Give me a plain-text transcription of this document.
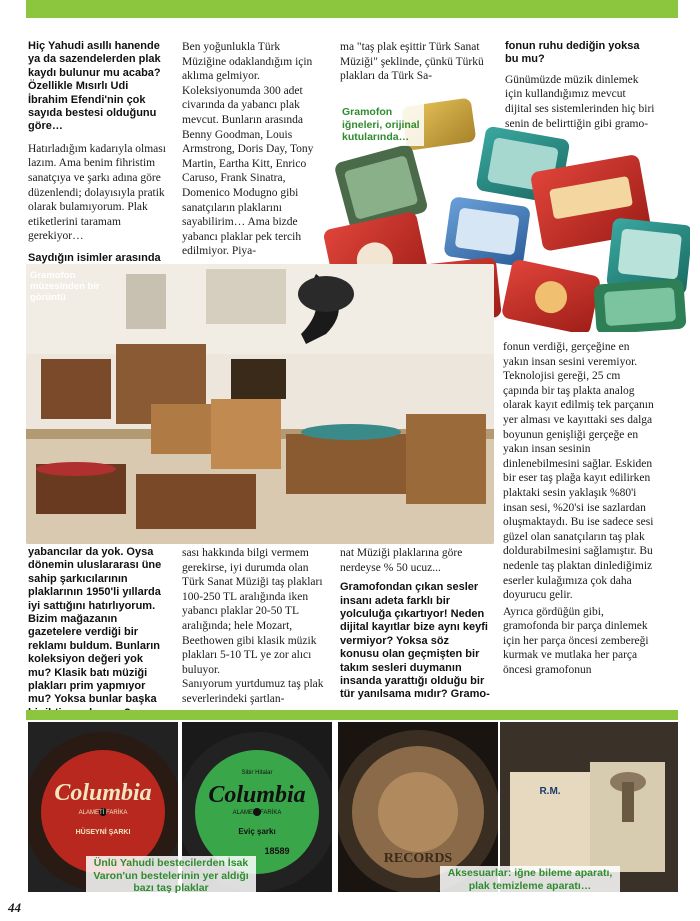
Hiç Yahudi asıllı hanende ya da sazendelerden plak kaydı bulunur mu acaba? Özellikle Mısırlı Udi İbrahim Efendi'nin çok sayıda bestesi olduğunu görе…

Hatırladığım kadarıyla olması lazım. Ama benim fihristim sanatçıya ve şarkı adına göre düzenlendi; dolayısıyla pratik olarak bulamıyorum. Plak etiketlerini taramam gerekiyor…

Saydığın isimler arasında

Ben yoğunlukla Türk Müziğine odaklandığım için aklıma gelmiyor. Koleksiyonumda 300 adet civarında da yabancı plak mevcut. Bunların arasında Benny Goodman, Louis Armstrong, Doris Day, Tony Martin, Eartha Kitt, Enrico Caruso, Frank Sinatra, Domenico Modugno gibi sanatçıların plaklarını sayabilirim… Ama bizde yabancı plaklar pek tercih edilmiyor. Piya-

ma "taş plak eşittir Türk Sanat Müziği" şeklinde, çünkü Türkü plakları da Türk Sa-

fonun ruhu dediğin yoksa bu mu?

Günümüzde müzik dinlemek için kullandığımız mevcut dijital ses sistemlerinden hiç biri senin de belirttiğin gibi gramo-

Gramofon iğneleri, orijinal kutularında…
Gramofon müzesinden bir görüntü

fonun verdiği, gerçeğine en yakın insan sesini veremiyor. Teknolojisi gereği, 25 cm çapında bir taş plakta analog olarak kayıt edilmiş tek parçanın yer alması ve kayıttaki ses dalga boyunun genişliği gerçeğe en yakın insan sesinin dinlenebilmesini sağlar. Eskiden bir eser taş plağa kayıt edilirken plaktaki sesin yaklaşık %80'i insan sesi, %20'si ise sazlardan oluşmaktaydı. Bu ise sadece sesi güzel olan sanatçıların taş plak doldurabilmesini sağlamıştır. Bu nedenle taş plaktan dinlediğimiz eserler kulağımıza çok daha doyurucu gelir.

Ayrıca gördüğün gibi, gramofonda bir parça dinlemek için her parça öncesi zembereği kurmak ve mutlaka her parça öncesi gramofonun

yabancılar da yok. Oysa dönemin uluslararası üne sahip şarkıcılarının plaklarının 1950'li yıllarda iyi sattığını hatırlıyorum. Bizim mağazanın gazetelere verdiği bir reklamı buldum. Bunların koleksiyon değeri yok mu? Klasik batı müziği plakları prim yapmıyor mu? Yoksa bunlar başka

sası hakkında bilgi vermem gerekirse, iyi durumda olan Türk Sanat Müziği taş plakları 100-250 TL aralığında iken yabancı plaklar 20-50 TL aralığında; hele Mozart, Beethowen gibi klasik müzik plakları 5-10 TL ye zor alıcı buluyor.

Sanıyorum yurtdumuz taş plak severlerindeki şartlan-

nat Müziği plaklarına göre nerdeyse % 50 ucuz...

Gramofondan çıkan sesler insanı adeta farklı bir yolculuğa çıkartıyor! Neden dijital kayıtlar bize aynı keyfi vermiyor? Yoksa söz konusu olan geçmişten bir takım sesleri duymanın insanda yarattığı olduğu bir tür yanılsama mıdır? Gramo-

Columbia
ALAMETİ FARİKA
HÜSEYNİ ŞARKI
Sibir Hitalar
Columbia
ALAMETİ FARİKA
Eviç şarkı
18589	RECORDS
R.M.
Ünlü Yahudi bestecilerden İsak Varon'un bestelerinin yer aldığı bazı taş plaklar
Aksesuarlar: iğne bileme aparatı, plak temizleme aparatı…
44
